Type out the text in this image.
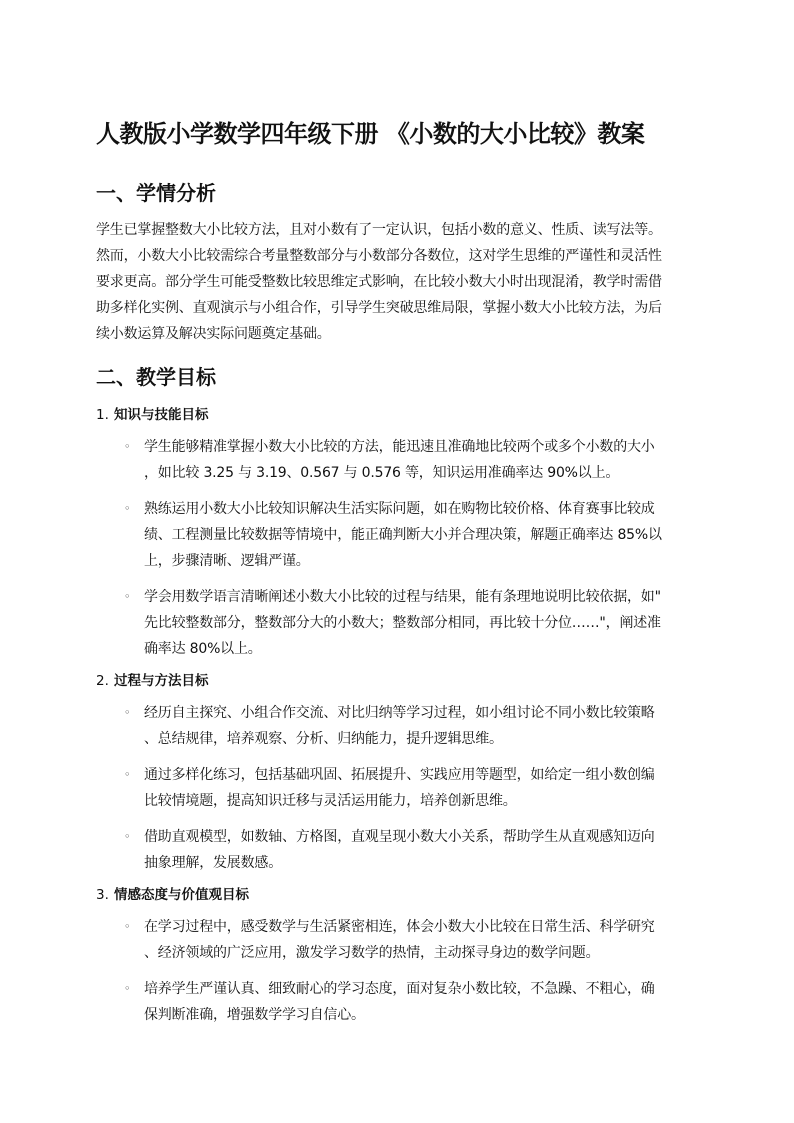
人教版小学数学四年级下册 《小数的大小比较》教案
一、学情分析

学生已掌握整数大小比较方法，且对小数有了一定认识，包括小数的意义、性质、读写法等。
然而，小数大小比较需综合考量整数部分与小数部分各数位，这对学生思维的严谨性和灵活性
要求更高。部分学生可能受整数比较思维定式影响，在比较小数大小时出现混淆，教学时需借
助多样化实例、直观演示与小组合作，引导学生突破思维局限，掌握小数大小比较方法，为后
续小数运算及解决实际问题奠定基础。

二、教学目标
1. 知识与技能目标
◦ 学生能够精准掌握小数大小比较的方法，能迅速且准确地比较两个或多个小数的大小
，如比较 3.25 与 3.19、0.567 与 0.576 等，知识运用准确率达 90%以上。
◦ 熟练运用小数大小比较知识解决生活实际问题，如在购物比较价格、体育赛事比较成
绩、工程测量比较数据等情境中，能正确判断大小并合理决策，解题正确率达 85%以
上，步骤清晰、逻辑严谨。
◦ 学会用数学语言清晰阐述小数大小比较的过程与结果，能有条理地说明比较依据，如"
先比较整数部分，整数部分大的小数大；整数部分相同，再比较十分位……"，阐述准
确率达 80%以上。
2. 过程与方法目标
◦ 经历自主探究、小组合作交流、对比归纳等学习过程，如小组讨论不同小数比较策略
、总结规律，培养观察、分析、归纳能力，提升逻辑思维。
◦ 通过多样化练习，包括基础巩固、拓展提升、实践应用等题型，如给定一组小数创编
比较情境题，提高知识迁移与灵活运用能力，培养创新思维。
◦ 借助直观模型，如数轴、方格图，直观呈现小数大小关系，帮助学生从直观感知迈向
抽象理解，发展数感。
3. 情感态度与价值观目标
◦ 在学习过程中，感受数学与生活紧密相连，体会小数大小比较在日常生活、科学研究
、经济领域的广泛应用，激发学习数学的热情，主动探寻身边的数学问题。
◦ 培养学生严谨认真、细致耐心的学习态度，面对复杂小数比较，不急躁、不粗心，确
保判断准确，增强数学学习自信心。
